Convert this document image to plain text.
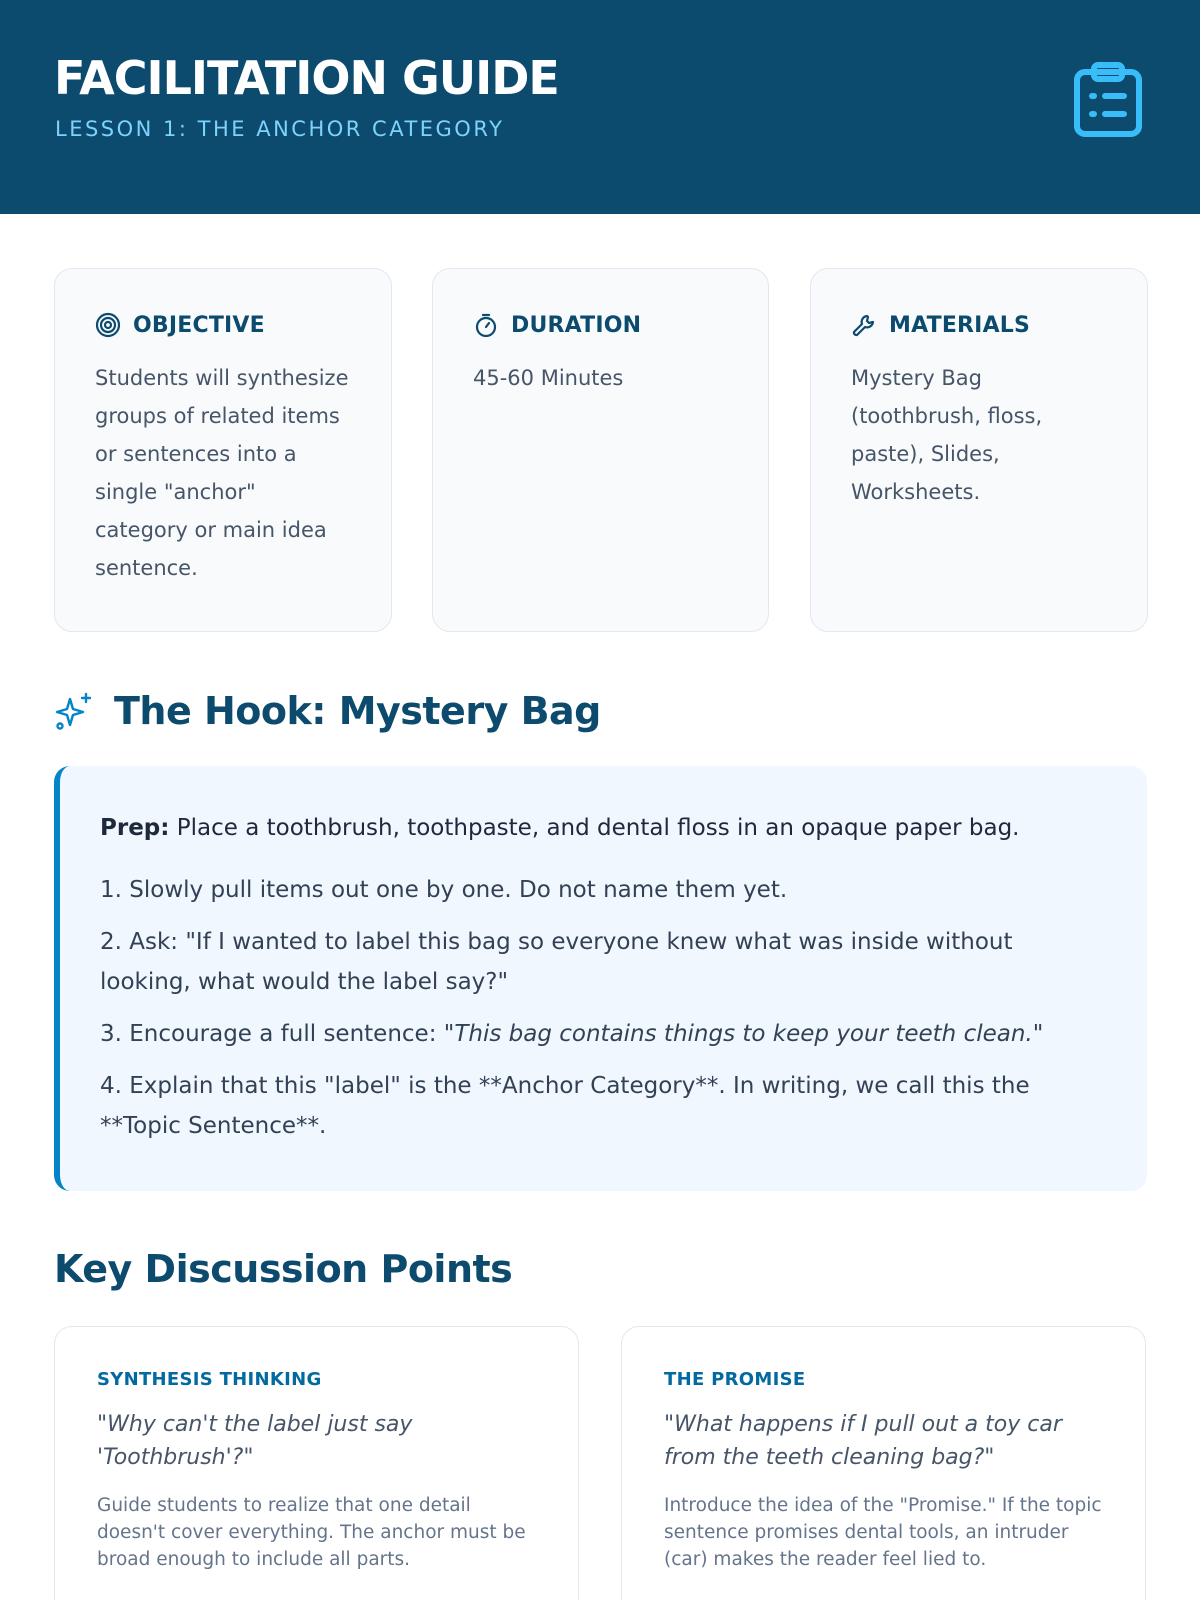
FACILITATION GUIDE
LESSON 1: THE ANCHOR CATEGORY
OBJECTIVE
Students will synthesize groups of related items or sentences into a single "anchor" category or main idea sentence.
DURATION
45-60 Minutes
MATERIALS
Mystery Bag (toothbrush, floss, paste), Slides, Worksheets.
The Hook: Mystery Bag
Prep: Place a toothbrush, toothpaste, and dental floss in an opaque paper bag.
1. Slowly pull items out one by one. Do not name them yet.
2. Ask: "If I wanted to label this bag so everyone knew what was inside without looking, what would the label say?"
3. Encourage a full sentence: "This bag contains things to keep your teeth clean."
4. Explain that this "label" is the **Anchor Category**. In writing, we call this the **Topic Sentence**.
Key Discussion Points
SYNTHESIS THINKING
"Why can't the label just say 'Toothbrush'?"
Guide students to realize that one detail doesn't cover everything. The anchor must be broad enough to include all parts.
THE PROMISE
"What happens if I pull out a toy car from the teeth cleaning bag?"
Introduce the idea of the "Promise." If the topic sentence promises dental tools, an intruder (car) makes the reader feel lied to.
